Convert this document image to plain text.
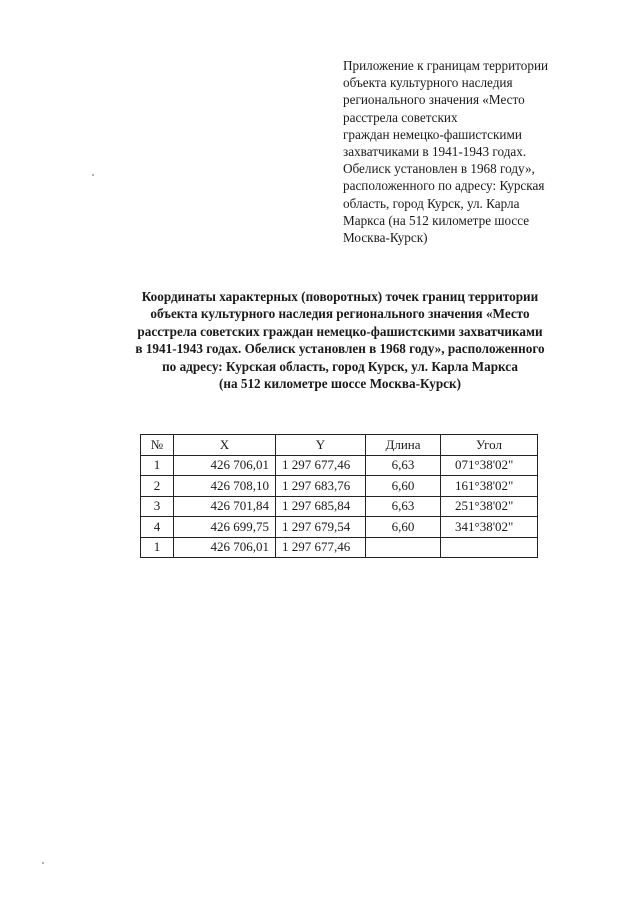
Приложение к границам территории
объекта культурного наследия
регионального значения «Место
расстрела советских
граждан немецко-фашистскими
захватчиками в 1941-1943 годах.
Обелиск установлен в 1968 году»,
расположенного по адресу: Курская
область, город Курск, ул. Карла
Маркса (на 512 километре шоссе
Москва-Курск)
Координаты характерных (поворотных) точек границ территории
объекта культурного наследия регионального значения «Место
расстрела советских граждан немецко-фашистскими захватчиками
в 1941-1943 годах. Обелиск установлен в 1968 году», расположенного
по адресу: Курская область, город Курск, ул. Карла Маркса
(на 512 километре шоссе Москва-Курск)
№	X	Y	Длина	Угол
1	426 706,01	1 297 677,46	6,63	071°38'02"
2	426 708,10	1 297 683,76	6,60	161°38'02"
3	426 701,84	1 297 685,84	6,63	251°38'02"
4	426 699,75	1 297 679,54	6,60	341°38'02"
1	426 706,01	1 297 677,46		
